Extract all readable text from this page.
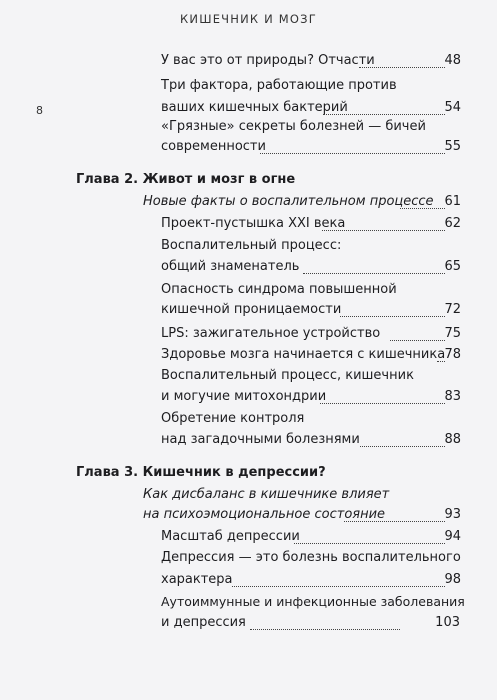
КИШЕЧНИК И МОЗГ
8
У вас это от природы? Отчасти	48
Три фактора, работающие против
ваших кишечных бактерий	54
«Грязные» секреты болезней — бичей
современности	55
Глава 2. Живот и мозг в огне
Новые факты о воспалительном процессе 61
Проект-пустышка XXI века	62
Воспалительный процесс:
общий знаменатель	65
Опасность синдрома повышенной
кишечной проницаемости	72
LPS: зажигательное устройство	75
Здоровье мозга начинается с кишечника 78
Воспалительный процесс, кишечник
и могучие митохондрии	83
Обретение контроля
над загадочными болезнями	88
Глава 3. Кишечник в депрессии?
Как дисбаланс в кишечнике влияет
на психоэмоциональное состояние	93
Масштаб депрессии	94
Депрессия — это болезнь воспалительного
характера	98
Аутоиммунные и инфекционные заболевания
и депрессия	103
